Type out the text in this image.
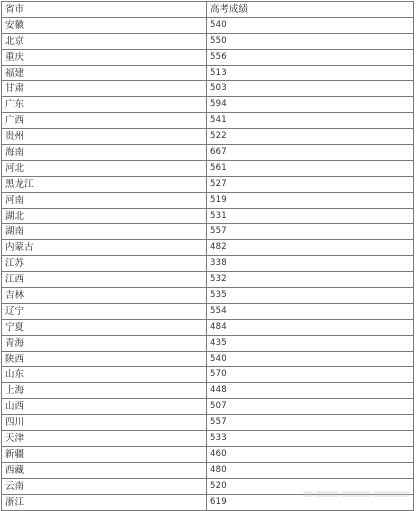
省市	高考成绩
安徽	540
北京	550
重庆	556
福建	513
甘肃	503
广东	594
广西	541
贵州	522
海南	667
河北	561
黑龙江	527
河南	519
湖北	531
湖南	557
内蒙古	482
江苏	338
江西	532
吉林	535
辽宁	554
宁夏	484
青海	435
陕西	540
山东	570
上海	448
山西	507
四川	557
天津	533
新疆	460
西藏	480
云南	520
浙江	619
